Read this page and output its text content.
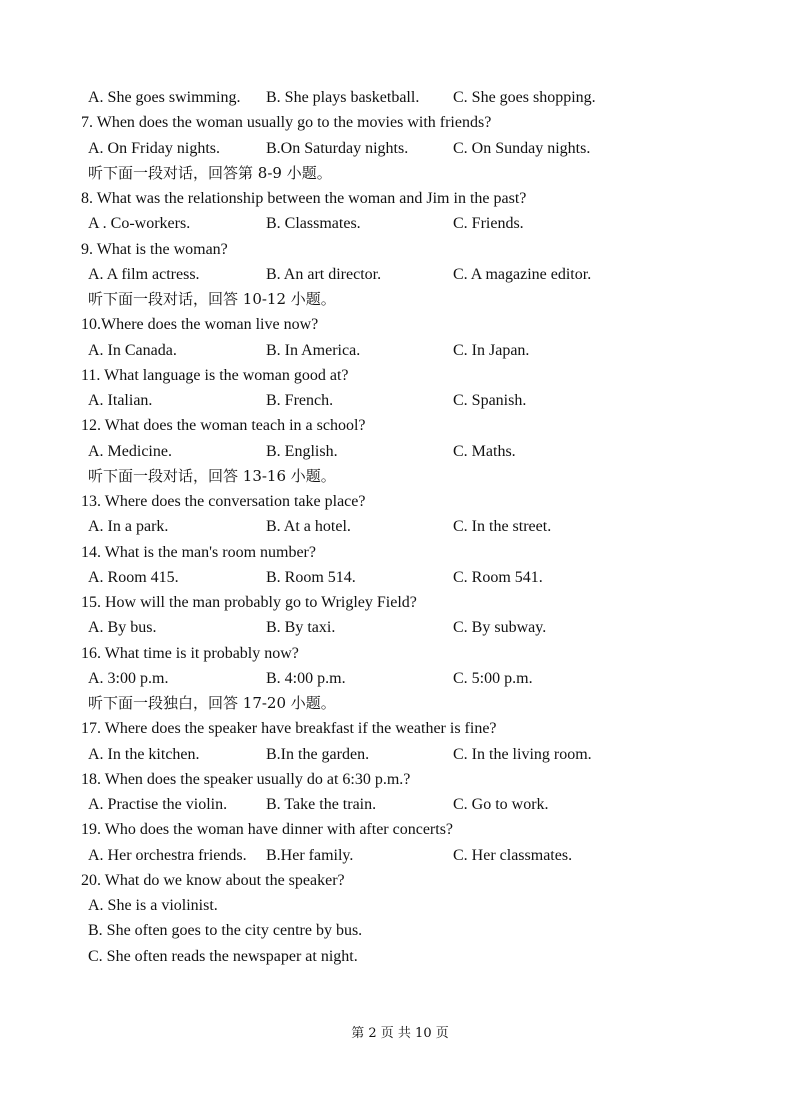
A. She goes swimming. B. She plays basketball. C. She goes shopping.
7. When does the woman usually go to the movies with friends?
A. On Friday nights.	B.On Saturday nights.	C. On Sunday nights.
听下面一段对话，回答第 8-9 小题。
8. What was the relationship between the woman and Jim in the past?
A . Co-workers.	B. Classmates.	C. Friends.
9. What is the woman?
A. A film actress.	B. An art director.	C. A magazine editor.
听下面一段对话，回答 10-12 小题。
10.Where does the woman live now?
A. In Canada.	B. In America.	C. In Japan.
11. What language is the woman good at?
A. Italian.	B. French.	C. Spanish.
12. What does the woman teach in a school?
A. Medicine.	B. English.	C. Maths.
听下面一段对话，回答 13-16 小题。
13. Where does the conversation take place?
A. In a park.	B. At a hotel.	C. In the street.
14. What is the man's room number?
A. Room 415.	B. Room 514.	C. Room 541.
15. How will the man probably go to Wrigley Field?
A. By bus.	B. By taxi.	C. By subway.
16. What time is it probably now?
A. 3:00 p.m.	B. 4:00 p.m.	C. 5:00 p.m.
听下面一段独白，回答 17-20 小题。
17. Where does the speaker have breakfast if the weather is fine?
A. In the kitchen.	B.In the garden.	C. In the living room.
18. When does the speaker usually do at 6:30 p.m.?
A. Practise the violin. B. Take the train.	C. Go to work.
19. Who does the woman have dinner with after concerts?
A. Her orchestra friends. B.Her family.	C. Her classmates.
20. What do we know about the speaker?
A. She is a violinist.
B. She often goes to the city centre by bus.
C. She often reads the newspaper at night.
第 2 页 共 10 页
